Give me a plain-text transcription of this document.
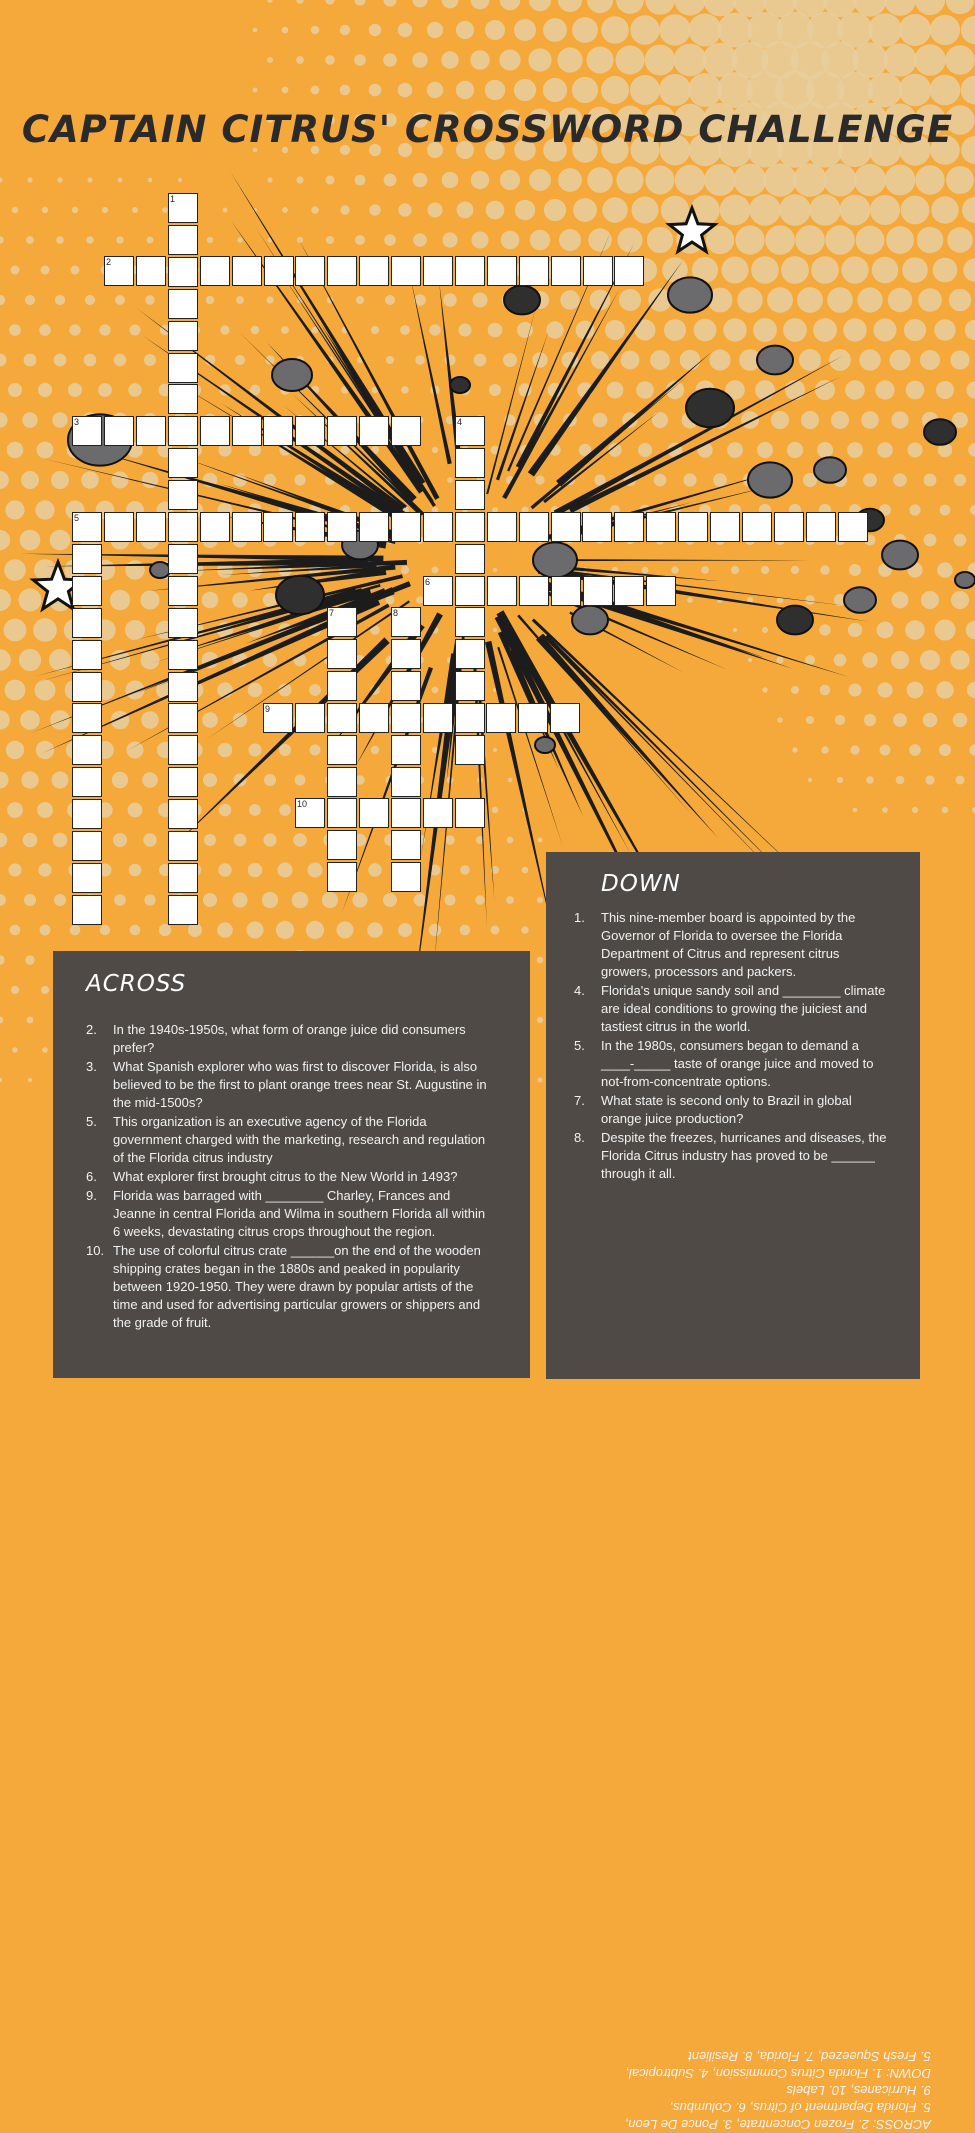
CAPTAIN CITRUS' CROSSWORD CHALLENGE
1
2
3	4
5
6
7	8
9
10
ACROSS
2. In the 1940s-1950s, what form of orange juice did consumers prefer?
3. What Spanish explorer who was first to discover Florida, is also believed to be the first to plant orange trees near St. Augustine in the mid-1500s?
5. This organization is an executive agency of the Florida government charged with the marketing, research and regulation of the Florida citrus industry
6. What explorer first brought citrus to the New World in 1493?
9. Florida was barraged with ________ Charley, Frances and Jeanne in central Florida and Wilma in southern Florida all within 6 weeks, devastating citrus crops throughout the region.
10. The use of colorful citrus crate ______on the end of the wooden shipping crates began in the 1880s and peaked in popularity between 1920-1950. They were drawn by popular artists of the time and used for advertising particular growers or shippers and the grade of fruit.
DOWN
1. This nine-member board is appointed by the Governor of Florida to oversee the Florida Department of Citrus and represent citrus growers, processors and packers.
4. Florida's unique sandy soil and ________ climate are ideal conditions to growing the juiciest and tastiest citrus in the world.
5. In the 1980s, consumers began to demand a ____-_____ taste of orange juice and moved to not-from-concentrate options.
7. What state is second only to Brazil in global orange juice production?
8. Despite the freezes, hurricanes and diseases, the Florida Citrus industry has proved to be ______ through it all.

ACROSS: 2. Frozen Concentrate, 3. Ponce De Leon,

5. Florida Department of Citrus, 6. Columbus,

9. Hurricanes, 10. Labels

DOWN: 1. Florida Citrus Commission, 4. Subtropical,

5. Fresh Squeezed, 7. Florida, 8. Resilient
